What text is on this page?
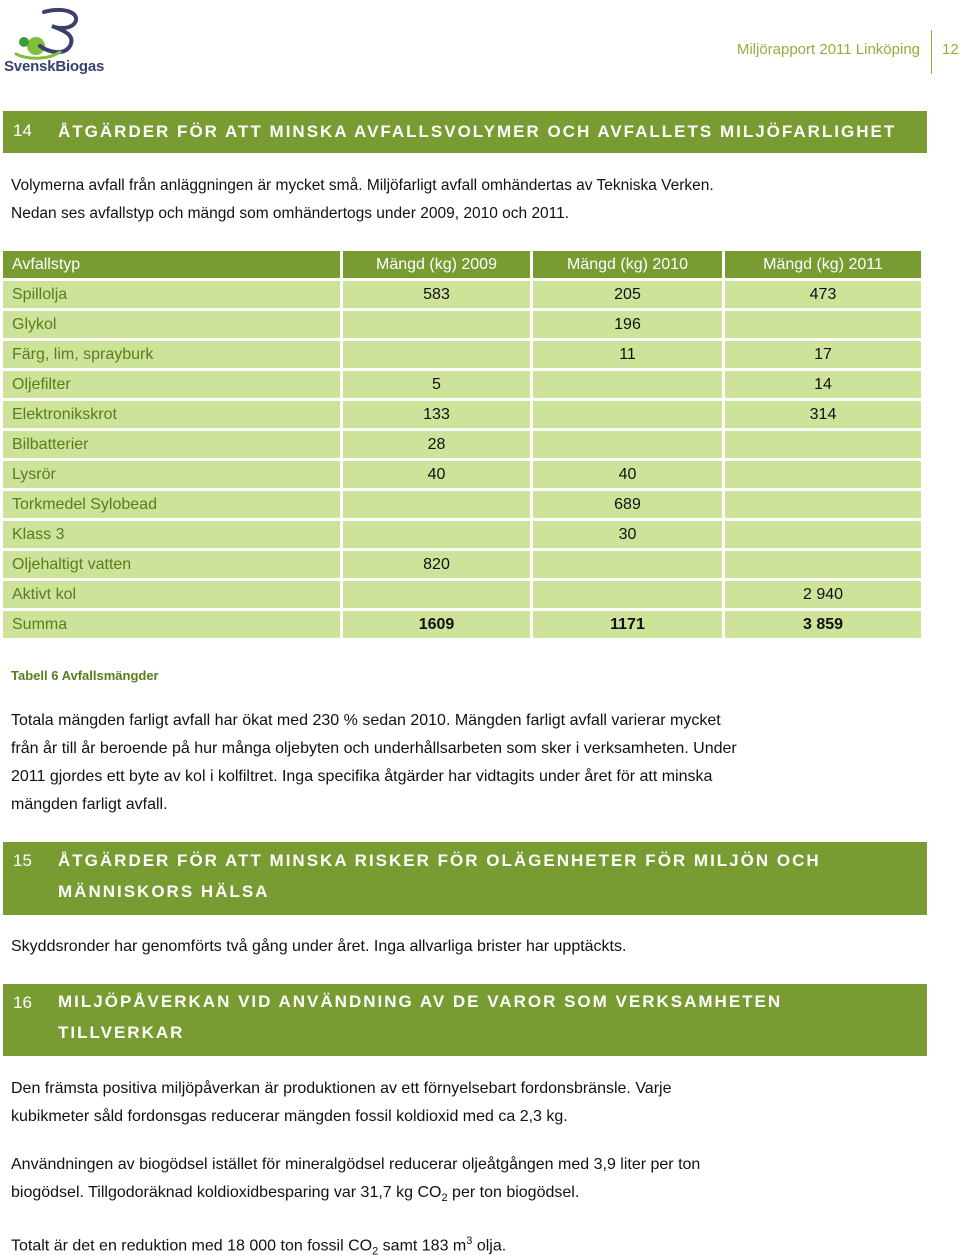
SvenskBiogas
Miljörapport 2011 Linköping 12
14 ÅTGÄRDER FÖR ATT MINSKA AVFALLSVOLYMER OCH AVFALLETS MILJÖFARLIGHET
Volymerna avfall från anläggningen är mycket små. Miljöfarligt avfall omhändertas av Tekniska Verken.
Nedan ses avfallstyp och mängd som omhändertogs under 2009, 2010 och 2011.
Avfallstyp	Mängd (kg) 2009	Mängd (kg) 2010	Mängd (kg) 2011
Spillolja	583	205	473
Glykol		196	
Färg, lim, sprayburk		11	17
Oljefilter	5		14
Elektronikskrot	133		314
Bilbatterier	28		
Lysrör	40	40	
Torkmedel Sylobead		689	
Klass 3		30	
Oljehaltigt vatten	820		
Aktivt kol			2 940
Summa	1609	1171	3 859
Tabell 6 Avfallsmängder
Totala mängden farligt avfall har ökat med 230 % sedan 2010. Mängden farligt avfall varierar mycket
från år till år beroende på hur många oljebyten och underhållsarbeten som sker i verksamheten. Under
2011 gjordes ett byte av kol i kolfiltret. Inga specifika åtgärder har vidtagits under året för att minska
mängden farligt avfall.
15 ÅTGÄRDER FÖR ATT MINSKA RISKER FÖR OLÄGENHETER FÖR MILJÖN OCH
MÄNNISKORS HÄLSA
Skyddsronder har genomförts två gång under året. Inga allvarliga brister har upptäckts.
16 MILJÖPÅVERKAN VID ANVÄNDNING AV DE VAROR SOM VERKSAMHETEN
TILLVERKAR
Den främsta positiva miljöpåverkan är produktionen av ett förnyelsebart fordonsbränsle. Varje
kubikmeter såld fordonsgas reducerar mängden fossil koldioxid med ca 2,3 kg.
Användningen av biogödsel istället för mineralgödsel reducerar oljeåtgången med 3,9 liter per ton
biogödsel. Tillgodoräknad koldioxidbesparing var 31,7 kg $CO_2$ per ton biogödsel.
Totalt är det en reduktion med 18 000 ton fossil $CO_2$ samt 183 $m^3$ olja.
